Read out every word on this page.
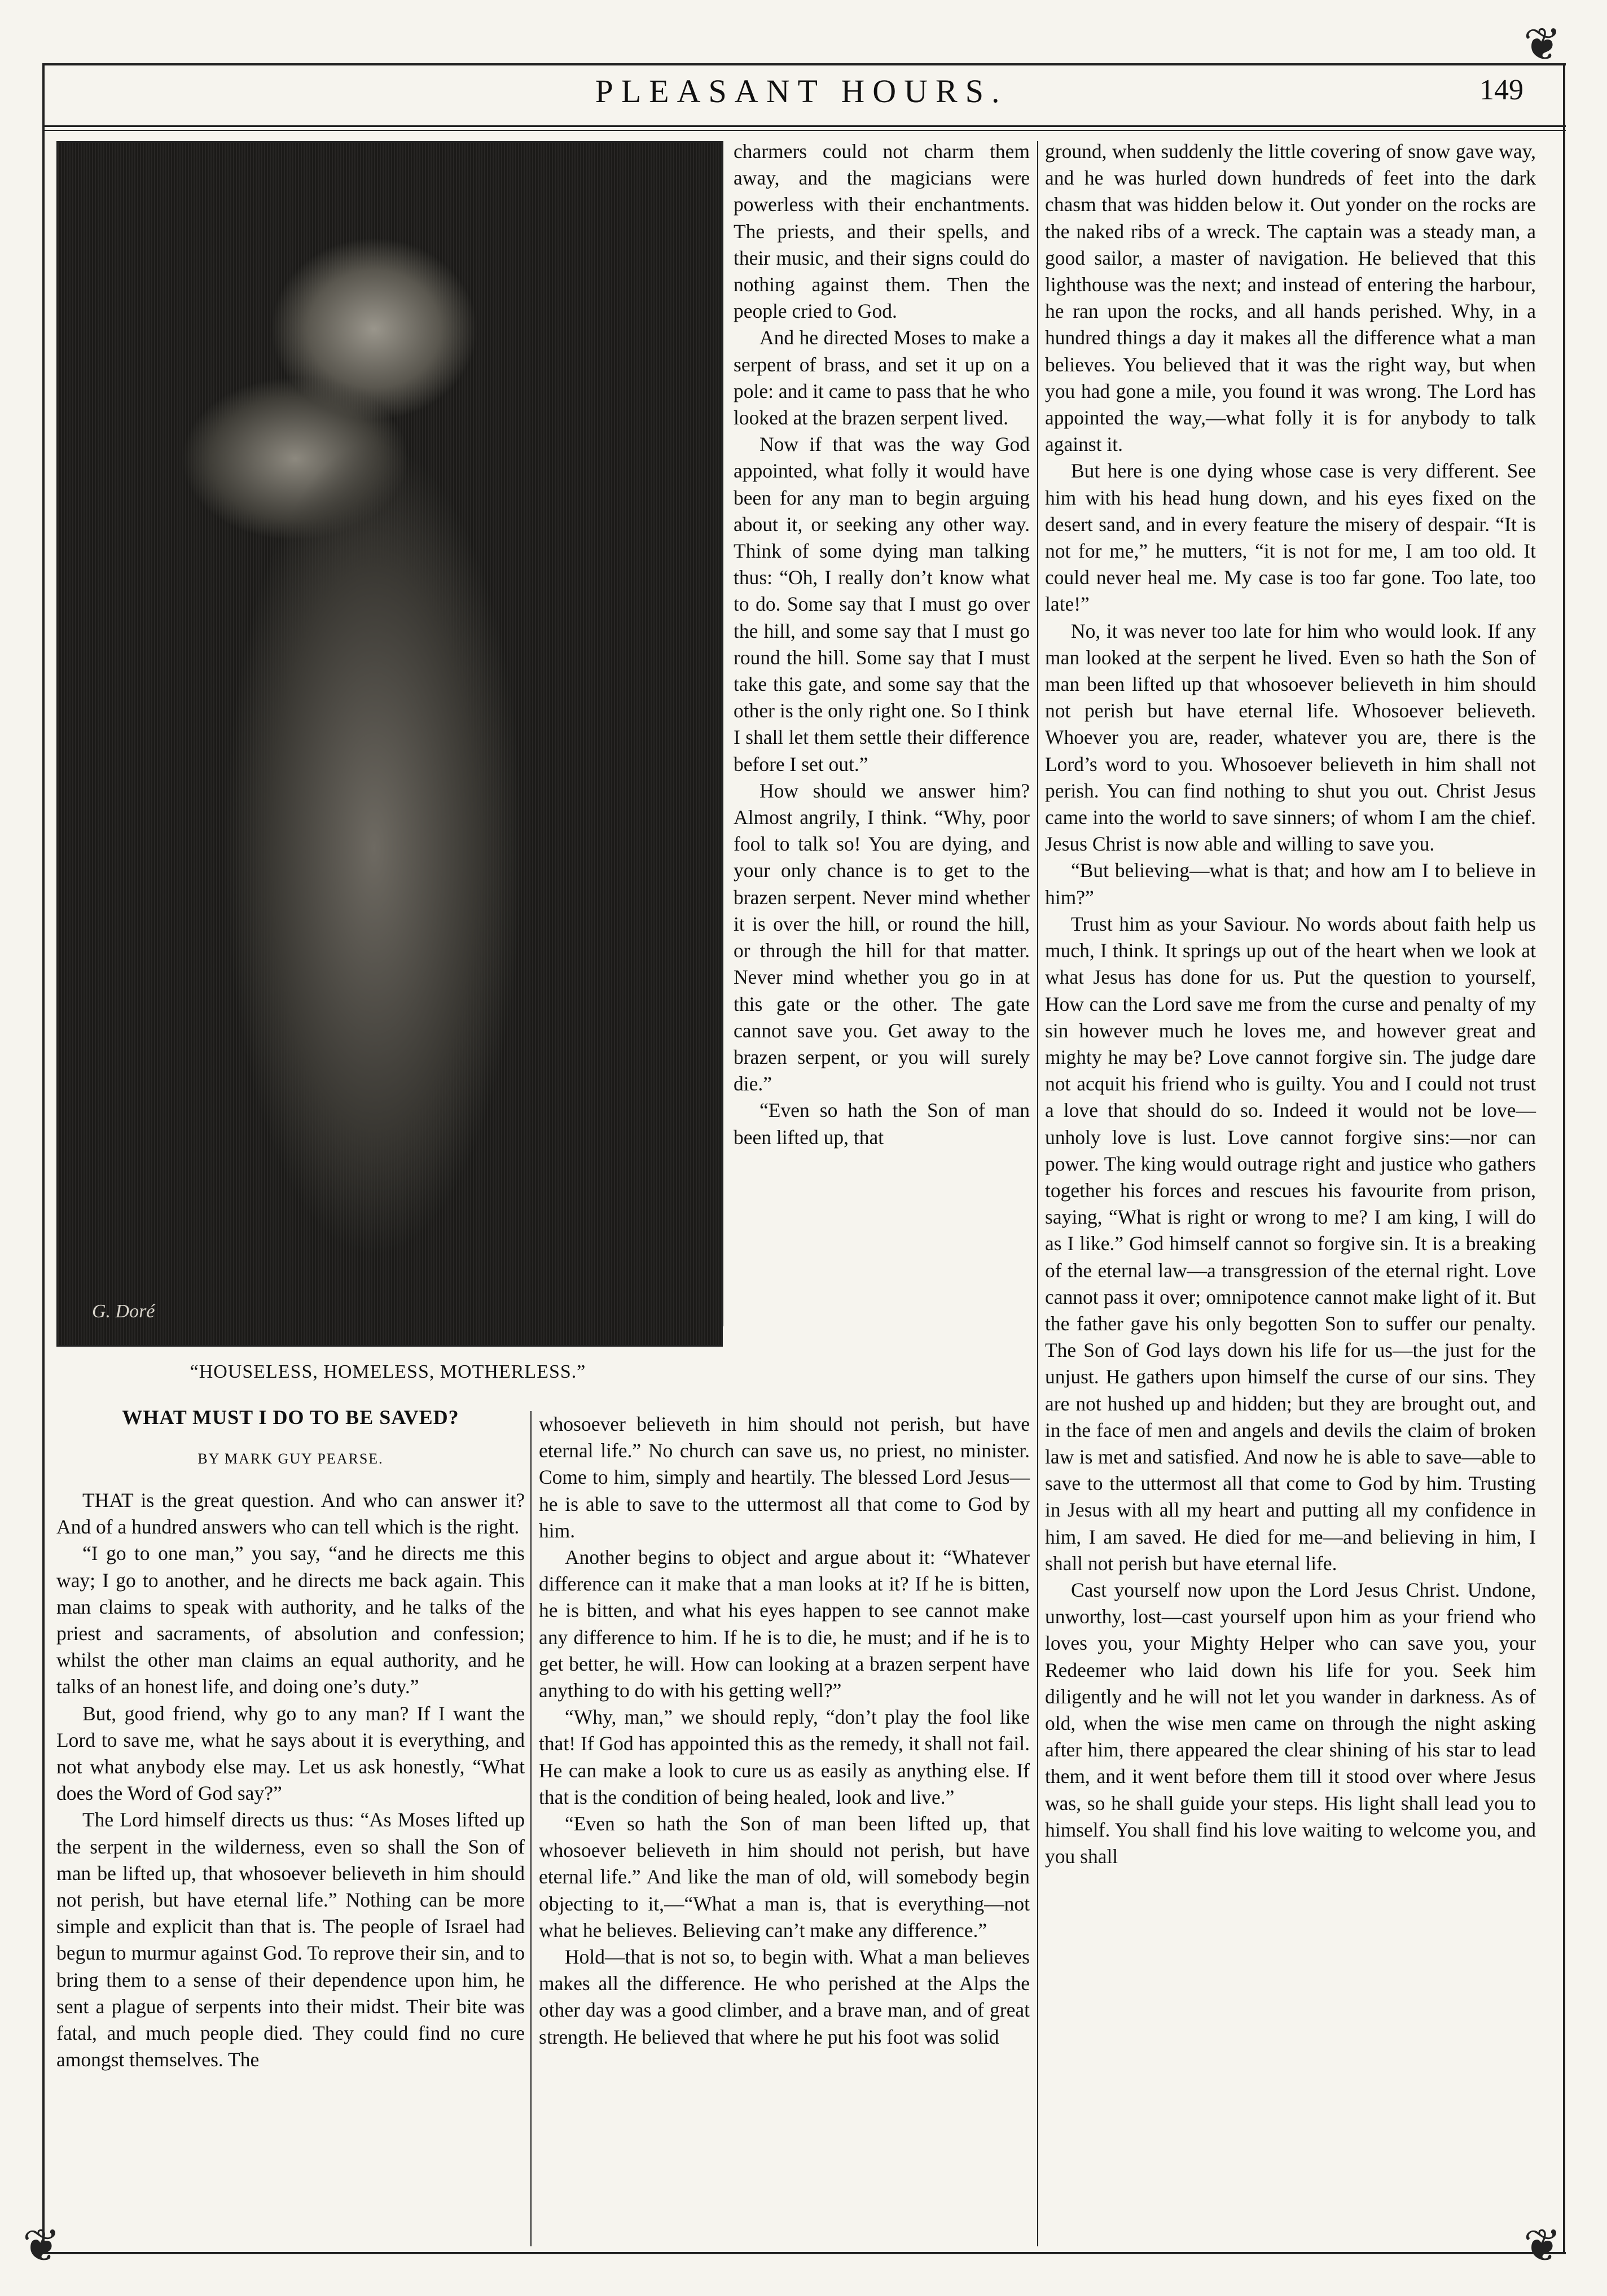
❦
❦
❦
PLEASANT HOURS.	149
G. Doré
“HOUSELESS, HOMELESS, MOTHERLESS.”
WHAT MUST I DO TO BE SAVED?
BY MARK GUY PEARSE.

THAT is the great question. And who can answer it? And of a hundred answers who can tell which is the right.

“I go to one man,” you say, “and he directs me this way; I go to another, and he directs me back again. This man claims to speak with authority, and he talks of the priest and sacraments, of absolution and confession; whilst the other man claims an equal authority, and he talks of an honest life, and doing one’s duty.”

But, good friend, why go to any man? If I want the Lord to save me, what he says about it is everything, and not what anybody else may. Let us ask honestly, “What does the Word of God say?”

The Lord himself directs us thus: “As Moses lifted up the serpent in the wilderness, even so shall the Son of man be lifted up, that whosoever believeth in him should not perish, but have eternal life.” Nothing can be more simple and explicit than that is. The people of Israel had begun to murmur against God. To reprove their sin, and to bring them to a sense of their dependence upon him, he sent a plague of serpents into their midst. Their bite was fatal, and much people died. They could find no cure amongst themselves. The

charmers could not charm them away, and the magicians were powerless with their enchantments. The priests, and their spells, and their music, and their signs could do nothing against them. Then the people cried to God.

And he directed Moses to make a serpent of brass, and set it up on a pole: and it came to pass that he who looked at the brazen serpent lived.

Now if that was the way God appointed, what folly it would have been for any man to begin arguing about it, or seeking any other way. Think of some dying man talking thus: “Oh, I really don’t know what to do. Some say that I must go over the hill, and some say that I must go round the hill. Some say that I must take this gate, and some say that the other is the only right one. So I think I shall let them settle their difference before I set out.”

How should we answer him? Almost angrily, I think. “Why, poor fool to talk so! You are dying, and your only chance is to get to the brazen serpent. Never mind whether it is over the hill, or round the hill, or through the hill for that matter. Never mind whether you go in at this gate or the other. The gate cannot save you. Get away to the brazen serpent, or you will surely die.”

“Even so hath the Son of man been lifted up, that

whosoever believeth in him should not perish, but have eternal life.” No church can save us, no priest, no minister. Come to him, simply and heartily. The blessed Lord Jesus—he is able to save to the uttermost all that come to God by him.

Another begins to object and argue about it: “Whatever difference can it make that a man looks at it? If he is bitten, he is bitten, and what his eyes happen to see cannot make any difference to him. If he is to die, he must; and if he is to get better, he will. How can looking at a brazen serpent have anything to do with his getting well?”

“Why, man,” we should reply, “don’t play the fool like that! If God has appointed this as the remedy, it shall not fail. He can make a look to cure us as easily as anything else. If that is the condition of being healed, look and live.”

“Even so hath the Son of man been lifted up, that whosoever believeth in him should not perish, but have eternal life.” And like the man of old, will somebody begin objecting to it,—“What a man is, that is everything—not what he believes. Believing can’t make any difference.”

Hold—that is not so, to begin with. What a man believes makes all the difference. He who perished at the Alps the other day was a good climber, and a brave man, and of great strength. He believed that where he put his foot was solid

ground, when suddenly the little covering of snow gave way, and he was hurled down hundreds of feet into the dark chasm that was hidden below it. Out yonder on the rocks are the naked ribs of a wreck. The captain was a steady man, a good sailor, a master of navigation. He believed that this lighthouse was the next; and instead of entering the harbour, he ran upon the rocks, and all hands perished. Why, in a hundred things a day it makes all the difference what a man believes. You believed that it was the right way, but when you had gone a mile, you found it was wrong. The Lord has appointed the way,—what folly it is for anybody to talk against it.

But here is one dying whose case is very different. See him with his head hung down, and his eyes fixed on the desert sand, and in every feature the misery of despair. “It is not for me,” he mutters, “it is not for me, I am too old. It could never heal me. My case is too far gone. Too late, too late!”

No, it was never too late for him who would look. If any man looked at the serpent he lived. Even so hath the Son of man been lifted up that whosoever believeth in him should not perish but have eternal life. Whosoever believeth. Whoever you are, reader, whatever you are, there is the Lord’s word to you. Whosoever believeth in him shall not perish. You can find nothing to shut you out. Christ Jesus came into the world to save sinners; of whom I am the chief. Jesus Christ is now able and willing to save you.

“But believing—what is that; and how am I to believe in him?”

Trust him as your Saviour. No words about faith help us much, I think. It springs up out of the heart when we look at what Jesus has done for us. Put the question to yourself, How can the Lord save me from the curse and penalty of my sin however much he loves me, and however great and mighty he may be? Love cannot forgive sin. The judge dare not acquit his friend who is guilty. You and I could not trust a love that should do so. Indeed it would not be love—unholy love is lust. Love cannot forgive sins:—nor can power. The king would outrage right and justice who gathers together his forces and rescues his favourite from prison, saying, “What is right or wrong to me? I am king, I will do as I like.” God himself cannot so forgive sin. It is a breaking of the eternal law—a transgression of the eternal right. Love cannot pass it over; omnipotence cannot make light of it. But the father gave his only begotten Son to suffer our penalty. The Son of God lays down his life for us—the just for the unjust. He gathers upon himself the curse of our sins. They are not hushed up and hidden; but they are brought out, and in the face of men and angels and devils the claim of broken law is met and satisfied. And now he is able to save—able to save to the uttermost all that come to God by him. Trusting in Jesus with all my heart and putting all my confidence in him, I am saved. He died for me—and believing in him, I shall not perish but have eternal life.

Cast yourself now upon the Lord Jesus Christ. Undone, unworthy, lost—cast yourself upon him as your friend who loves you, your Mighty Helper who can save you, your Redeemer who laid down his life for you. Seek him diligently and he will not let you wander in darkness. As of old, when the wise men came on through the night asking after him, there appeared the clear shining of his star to lead them, and it went before them till it stood over where Jesus was, so he shall guide your steps. His light shall lead you to himself. You shall find his love waiting to welcome you, and you shall
